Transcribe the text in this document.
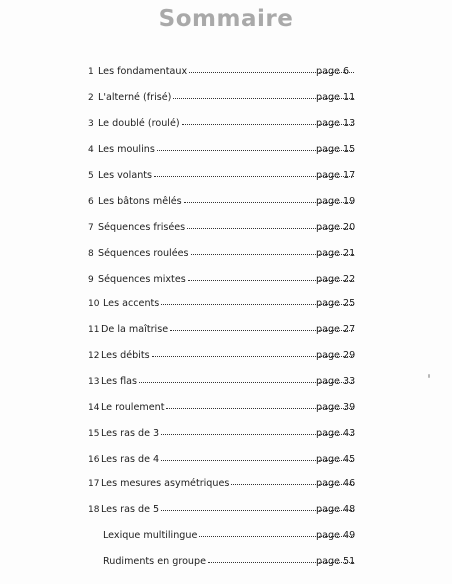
Sommaire
1 Les fondamentaux	page 6
2 L'alterné (frisé)	page 11
3 Le doublé (roulé)	page 13
4 Les moulins	page 15
5 Les volants	page 17
6 Les bâtons mêlés	page 19
7 Séquences frisées	page 20
8 Séquences roulées	page 21
9 Séquences mixtes	page 22
10 Les accents	page 25
11 De la maîtrise	page 27
12 Les débits	page 29
13 Les flas	page 33
14 Le roulement	page 39
15 Les ras de 3	page 43
16 Les ras de 4	page 45
17 Les mesures asymétriques	page 46
18 Les ras de 5	page 48
Lexique multilingue	page 49
Rudiments en groupe	page 51
